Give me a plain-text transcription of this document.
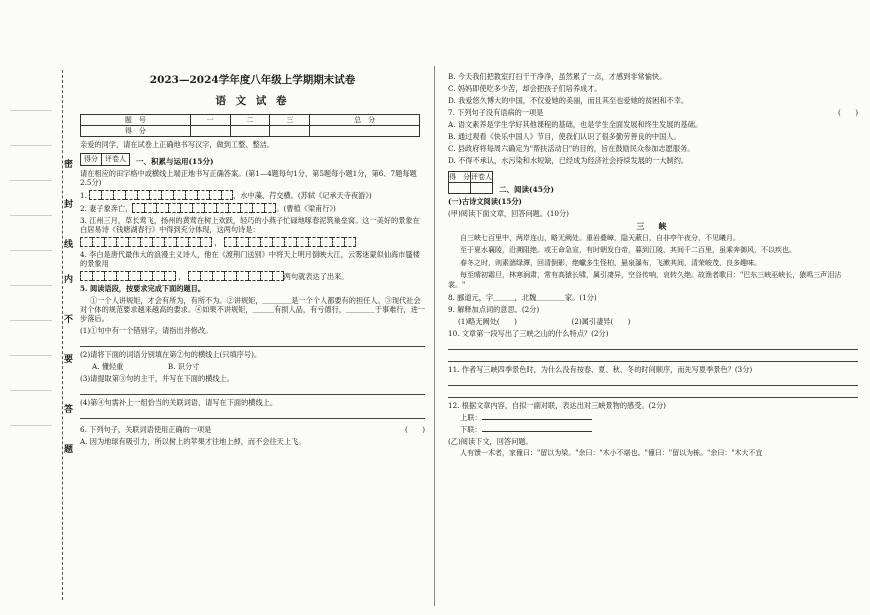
密
封
线
内
不
要
答
题
2023—2024学年度八年级上学期期末试卷
语 文 试 卷
题　号	一	二	三	总　分
得　分				
亲爱的同学，请在试卷上正确地书写汉字，做到工整、整洁。
得分	评卷人	一、积累与运用(15分)
请在相应的田字格中或横线上端正地书写正确答案。(第1—4题每句1分，第5题每小题1分，第6、7题每题2.5分)
1.	，水中藻、荇交横。(苏轼《记承天寺夜游》)
2. 妻子象奔亡，	。(曹植《梁甫行》)
3. 江州三月，草长莺飞，扬州的黄莺在树上欢跃，轻巧的小燕子忙碌地啄春泥筑巢垒窝。这一美好的景象在白居易诗《钱塘湖春行》中得到充分体现，这两句诗是：
，
4. 李白是唐代最伟大的浪漫主义诗人，他在《渡荆门送别》中将天上明月倒映大江，云雾迷蒙似仙海市蜃楼的景象用
，	两句就表达了出来。
5. 阅读语段，按要求完成下面的题目。
①一个人讲规矩，才会有所为，有所不为。②讲规矩，＿＿＿＿是一个个人都要有的担任人。③现代社会对个体的规范要求越来越高的要求。④如果不讲规矩，＿＿＿有损人品，有亏德行，＿＿＿＿于事难行，进一步落后。
(1)①句中有一个错别字，请指出并修改。
(2)请将下面的词语分别填在第②句的横线上(只填序号)。
A. 懂轻重	B. 识分寸
(3)请提取第③句的主干，并写在下面的横线上。
(4)第④句需补上一组恰当的关联词语，请写在下面的横线上。
6. 下列句子，关联词语使用正确的一项是	(　　)
A. 因为地球有吸引力，所以树上的苹果才往地上掉，而不会往天上飞。
B. 今天我们把教室打扫干干净净，虽然累了一点，才感到非常愉快。
C. 妈妈即使吃多少苦，却会把孩子们培养成才。
D. 我爱悠久博大的中国，不仅爱她的美丽，而且其至也爱她的贫困和不幸。
7. 下列句子没有语病的一项是	(　　)
A. 语文素养是学生学好其他课程的基础，也是学生全面发展和终生发展的基础。
B. 通过观看《快乐中国人》节目，使我们认识了很多勤劳善良的中国人。
C. 县政府将每周六确定为"帮扶活动日"的目的，旨在鼓励民众参加志愿服务。
D. 不得不承认，水污染和水短缺，已经成为经济社会持续发展的一大制约。
得　分	评卷人

二、阅读(45分)
(一)古诗文阅读(15分)
(甲)阅读下面文章，回答问题。(10分)
三　峡
自三峡七百里中，两岸连山，略无阙处。重岩叠嶂，隐天蔽日，自非亭午夜分，不见曦月。
至于夏水襄陵，沿溯阻绝。或王命急宣，有时朝发白帝，暮到江陵，其间千二百里，虽乘奔御风，不以疾也。
春冬之时，则素湍绿潭，回清倒影，绝巘多生怪柏，悬泉瀑布，飞漱其间，清荣峻茂，良多趣味。
每至晴初霜旦，林寒涧肃，常有高猿长啸，属引凄异，空谷传响，哀转久绝。故渔者歌曰："巴东三峡巫峡长，猿鸣三声泪沾裳。"
8. 郦道元，字＿＿＿，北魏＿＿＿＿家。(1分)
9. 解释加点词的意思。(2分)
(1)略无阙处(　　)	(2)属引凄异(　　)
10. 文章第一段写出了三峡之山的什么特点？(2分)
11. 作者写三峡四季景色时，为什么没有按春、夏、秋、冬的时间顺序，而先写夏季景色？(3分)
12. 根据文章内容，自拟一副对联，表达出对三峡景物的感受。(2分)
上联：
下联：
(乙)阅读下文，回答问题。
人有馈一木者，家僮曰："留以为梁。"余曰："木小不堪也。"僮曰："留以为栋。"余曰："木大不宜
